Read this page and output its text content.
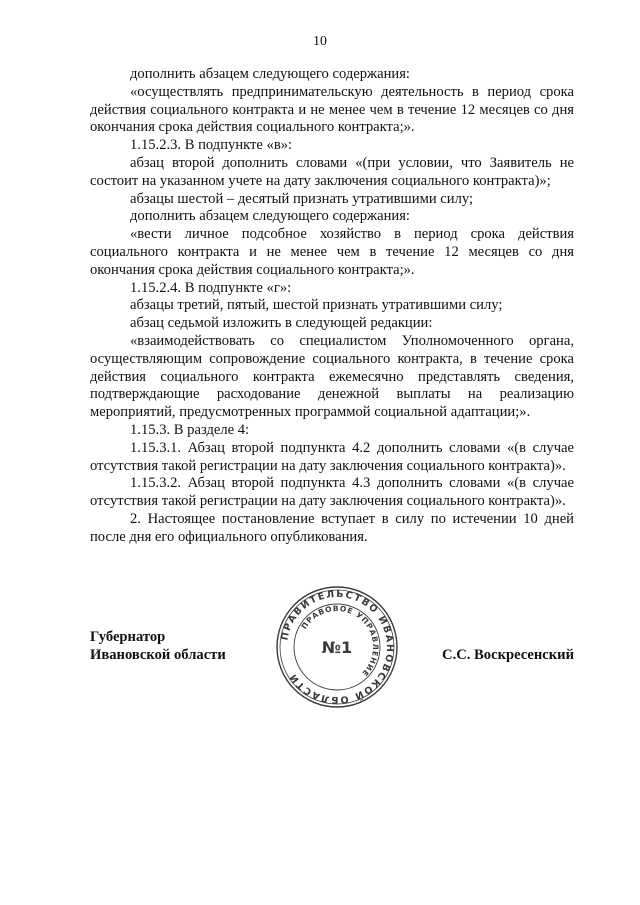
10

дополнить абзацем следующего содержания:

«осуществлять предпринимательскую деятельность в период срока действия социального контракта и не менее чем в течение 12 месяцев со дня окончания срока действия социального контракта;».

1.15.2.3. В подпункте «в»:

абзац второй дополнить словами «(при условии, что Заявитель не состоит на указанном учете на дату заключения социального контракта)»;

абзацы шестой – десятый признать утратившими силу;

дополнить абзацем следующего содержания:

«вести личное подсобное хозяйство в период срока действия социального контракта и не менее чем в течение 12 месяцев со дня окончания срока действия социального контракта;».

1.15.2.4. В подпункте «г»:

абзацы третий, пятый, шестой признать утратившими силу;

абзац седьмой изложить в следующей редакции:

«взаимодействовать со специалистом Уполномоченного органа, осуществляющим сопровождение социального контракта, в течение срока действия социального контракта ежемесячно представлять сведения, подтверждающие расходование денежной выплаты на реализацию мероприятий, предусмотренных программой социальной адаптации;».

1.15.3. В разделе 4:

1.15.3.1. Абзац второй подпункта 4.2 дополнить словами «(в случае отсутствия такой регистрации на дату заключения социального контракта)».

1.15.3.2. Абзац второй подпункта 4.3 дополнить словами «(в случае отсутствия такой регистрации на дату заключения социального контракта)».

2. Настоящее постановление вступает в силу по истечении 10 дней после дня его официального опубликования.

Губернатор
Ивановской области
ПРАВИТЕЛЬСТВО ИВАНОВСКОЙ ОБЛАСТИ
ПРАВОВОЕ УПРАВЛЕНИЕ
№1	С.С. Воскресенский
